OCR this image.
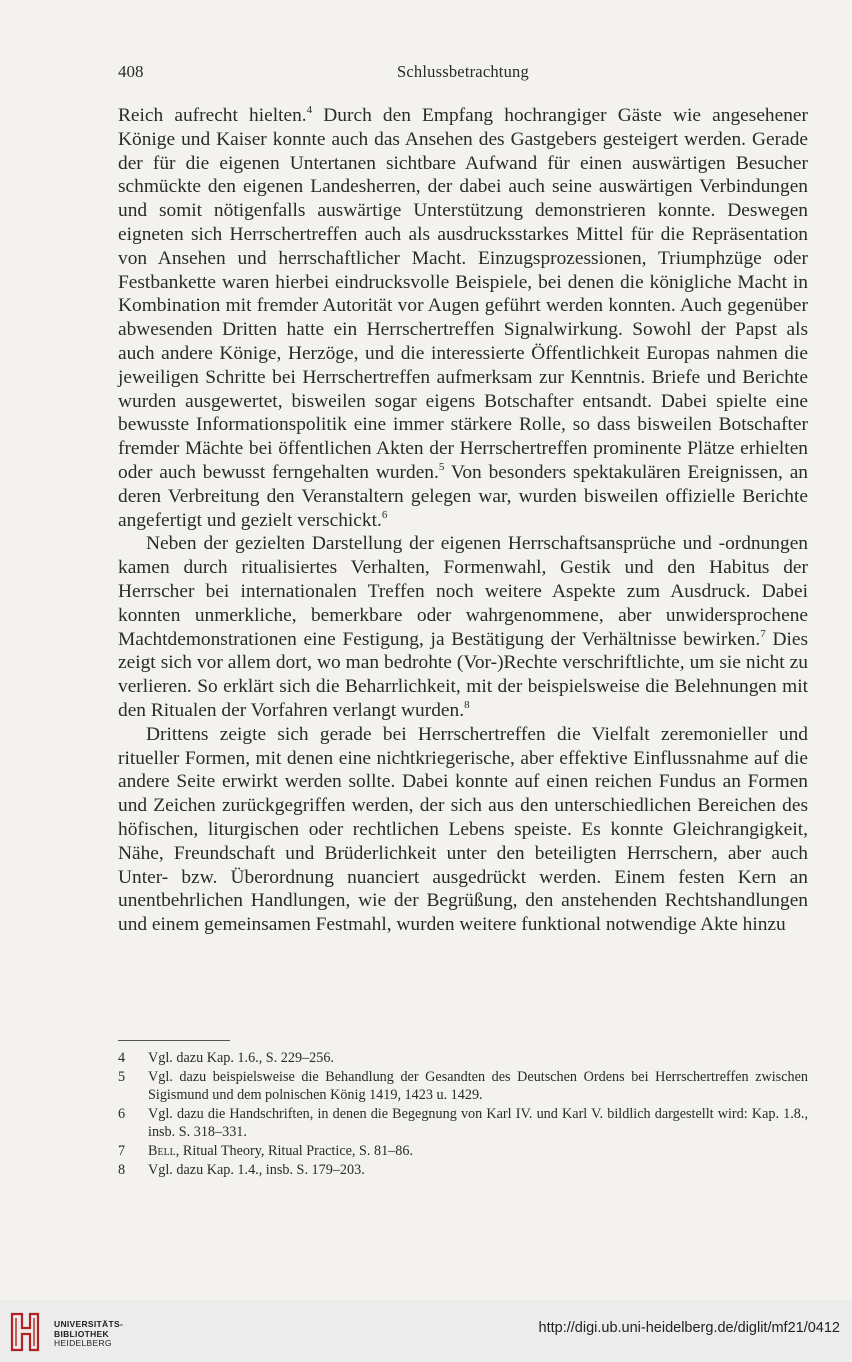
408	Schlussbetrachtung

Reich aufrecht hielten.$^4$ Durch den Empfang hochrangiger Gäste wie angesehener Könige und Kaiser konnte auch das Ansehen des Gastgebers gesteigert werden. Gerade der für die eigenen Untertanen sichtbare Aufwand für einen auswärtigen Besucher schmückte den eigenen Landesherren, der dabei auch seine auswärtigen Verbindungen und somit nötigenfalls auswärtige Unterstützung demonstrieren konnte. Deswegen eigneten sich Herrschertreffen auch als ausdrucksstarkes Mittel für die Repräsentation von Ansehen und herrschaftlicher Macht. Einzugsprozessionen, Triumphzüge oder Festbankette waren hierbei eindrucksvolle Beispiele, bei denen die königliche Macht in Kombination mit fremder Autorität vor Augen geführt werden konnten. Auch gegenüber abwesenden Dritten hatte ein Herrschertreffen Signalwirkung. Sowohl der Papst als auch andere Könige, Herzöge, und die interessierte Öffentlichkeit Europas nahmen die jeweiligen Schritte bei Herrschertreffen aufmerksam zur Kenntnis. Briefe und Berichte wurden ausgewertet, bisweilen sogar eigens Botschafter entsandt. Dabei spielte eine bewusste Informationspolitik eine immer stärkere Rolle, so dass bisweilen Botschafter fremder Mächte bei öffentlichen Akten der Herrschertreffen prominente Plätze erhielten oder auch bewusst ferngehalten wurden.$^5$ Von besonders spektakulären Ereignissen, an deren Verbreitung den Veranstaltern gelegen war, wurden bisweilen offizielle Berichte angefertigt und gezielt verschickt.$^6$

Neben der gezielten Darstellung der eigenen Herrschaftsansprüche und -ordnungen kamen durch ritualisiertes Verhalten, Formenwahl, Gestik und den Habitus der Herrscher bei internationalen Treffen noch weitere Aspekte zum Ausdruck. Dabei konnten unmerkliche, bemerkbare oder wahrgenommene, aber unwidersprochene Machtdemonstrationen eine Festigung, ja Bestätigung der Verhältnisse bewirken.$^7$ Dies zeigt sich vor allem dort, wo man bedrohte (Vor-)Rechte verschriftlichte, um sie nicht zu verlieren. So erklärt sich die Beharrlichkeit, mit der beispielsweise die Belehnungen mit den Ritualen der Vorfahren verlangt wurden.$^8$

Drittens zeigte sich gerade bei Herrschertreffen die Vielfalt zeremonieller und ritueller Formen, mit denen eine nichtkriegerische, aber effektive Einflussnahme auf die andere Seite erwirkt werden sollte. Dabei konnte auf einen reichen Fundus an Formen und Zeichen zurückgegriffen werden, der sich aus den unterschiedlichen Bereichen des höfischen, liturgischen oder rechtlichen Lebens speiste. Es konnte Gleichrangigkeit, Nähe, Freundschaft und Brüderlichkeit unter den beteiligten Herrschern, aber auch Unter- bzw. Überordnung nuanciert ausgedrückt werden. Einem festen Kern an unentbehrlichen Handlungen, wie der Begrüßung, den anstehenden Rechtshandlungen und einem gemeinsamen Festmahl, wurden weitere funktional notwendige Akte hinzu

4 Vgl. dazu Kap. 1.6., S. 229–256.
5 Vgl. dazu beispielsweise die Behandlung der Gesandten des Deutschen Ordens bei Herrschertreffen zwischen Sigismund und dem polnischen König 1419, 1423 u. 1429.
6 Vgl. dazu die Handschriften, in denen die Begegnung von Karl IV. und Karl V. bildlich dargestellt wird: Kap. 1.8., insb. S. 318–331.
7 Bell, Ritual Theory, Ritual Practice, S. 81–86.
8 Vgl. dazu Kap. 1.4., insb. S. 179–203.
UNIVERSITÄTS-
BIBLIOTHEK
HEIDELBERG
http://digi.ub.uni-heidelberg.de/diglit/mf21/0412
